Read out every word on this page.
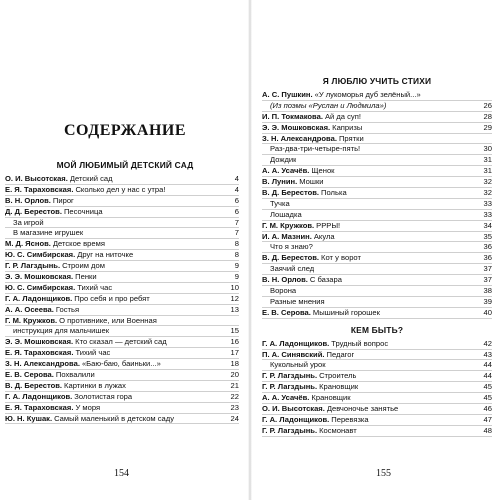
СОДЕРЖАНИЕ
МОЙ ЛЮБИМЫЙ ДЕТСКИЙ САД
О. И. Высотская. Детский сад	4
Е. Я. Тараховская. Сколько дел у нас с утра!	4
В. Н. Орлов. Пирог	6
Д. Д. Берестов. Песочница	6
За игрой	7
В магазине игрушек	7
М. Д. Яснов. Детское время	8
Ю. С. Симбирская. Друг на ниточке	8
Г. Р. Лагздынь. Строим дом	9
Э. Э. Мошковская. Пенки	9
Ю. С. Симбирская. Тихий час	10
Г. А. Ладонщиков. Про себя и про ребят	12
А. А. Осеева. Гостья	13
Г. М. Кружков. О противнике, или Военная
инструкция для мальчишек	15
Э. Э. Мошковская. Кто сказал — детский сад	16
Е. Я. Тараховская. Тихий час	17
З. Н. Александрова. «Баю-баю, баиньки...»	18
Е. В. Серова. Похвалили	20
В. Д. Берестов. Картинки в лужах	21
Г. А. Ладонщиков. Золотистая гора	22
Е. Я. Тараховская. У моря	23
Ю. Н. Кушак. Самый маленький в детском саду	24
154
Я ЛЮБЛЮ УЧИТЬ СТИХИ
А. С. Пушкин. «У лукоморья дуб зелёный...»
(Из поэмы «Руслан и Людмила»)	26
И. П. Токмакова. Ай да суп!	28
Э. Э. Мошковская. Капризы	29
З. Н. Александрова. Прятки
Раз-два-три-четыре-пять!	30
Дождик	31
А. А. Усачёв. Щенок	31
В. Лунин. Мошки	32
В. Д. Берестов. Полька	32
Тучка	33
Лошадка	33
Г. М. Кружков. РРРЫ!	34
И. А. Мазнин. Акула	35
Что я знаю?	36
В. Д. Берестов. Кот у ворот	36
Заячий след	37
В. Н. Орлов. С базара	37
Ворона	38
Разные мнения	39
Е. В. Серова. Мышиный горошек	40
КЕМ БЫТЬ?
Г. А. Ладонщиков. Трудный вопрос	42
П. А. Синявский. Педагог	43
Кукольный урок	44
Г. Р. Лагздынь. Строитель	44
Г. Р. Лагздынь. Крановщик	45
А. А. Усачёв. Крановщик	45
О. И. Высотская. Девчоночье занятье	46
Г. А. Ладонщиков. Перевязка	47
Г. Р. Лагздынь. Космонавт	48
155
